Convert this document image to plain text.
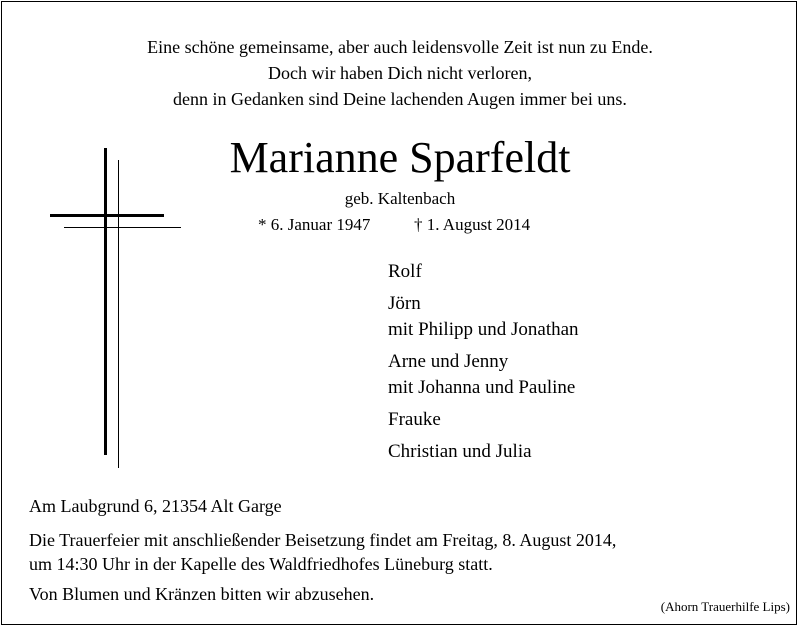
Eine schöne gemeinsame, aber auch leidensvolle Zeit ist nun zu Ende.
Doch wir haben Dich nicht verloren,
denn in Gedanken sind Deine lachenden Augen immer bei uns.
Marianne Sparfeldt
geb. Kaltenbach
* 6. Januar 1947	† 1. August 2014
Rolf
Jörn
mit Philipp und Jonathan
Arne und Jenny
mit Johanna und Pauline
Frauke
Christian und Julia
Am Laubgrund 6, 21354 Alt Garge
Die Trauerfeier mit anschließender Beisetzung findet am Freitag, 8. August 2014,
um 14:30 Uhr in der Kapelle des Waldfriedhofes Lüneburg statt.
Von Blumen und Kränzen bitten wir abzusehen.
(Ahorn Trauerhilfe Lips)
